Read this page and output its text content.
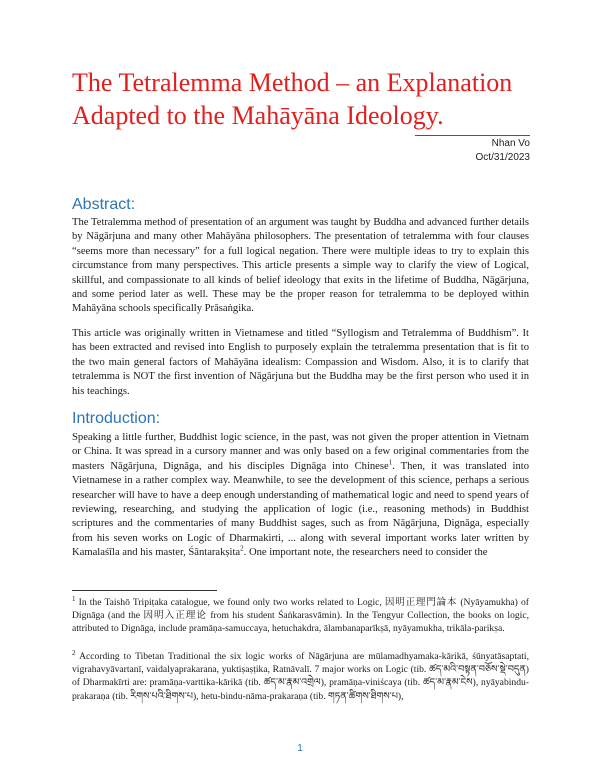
The Tetralemma Method – an Explanation Adapted to the Mahāyāna Ideology.
Nhan Vo
Oct/31/2023
Abstract:

The Tetralemma method of presentation of an argument was taught by Buddha and advanced further details by Nāgārjuna and many other Mahāyāna philosophers. The presentation of tetralemma with four clauses “seems more than necessary” for a full logical negation. There were multiple ideas to try to explain this circumstance from many perspectives. This article presents a simple way to clarify the view of Logical, skillful, and compassionate to all kinds of belief ideology that exits in the lifetime of Buddha, Nāgārjuna, and some period later as well. These may be the proper reason for tetralemma to be deployed within Mahāyāna schools specifically Prāsaṅgika.

This article was originally written in Vietnamese and titled “Syllogism and Tetralemma of Buddhism”. It has been extracted and revised into English to purposely explain the tetralemma presentation that is fit to the two main general factors of Mahāyāna idealism: Compassion and Wisdom. Also, it is to clarify that tetralemma is NOT the first invention of Nāgārjuna but the Buddha may be the first person who used it in his teachings.

Introduction:

Speaking a little further, Buddhist logic science, in the past, was not given the proper attention in Vietnam or China. It was spread in a cursory manner and was only based on a few original commentaries from the masters Nāgārjuna, Dignāga, and his disciples Dignāga into Chinese$^1$. Then, it was translated into Vietnamese in a rather complex way. Meanwhile, to see the development of this science, perhaps a serious researcher will have to have a deep enough understanding of mathematical logic and need to spend years of reviewing, researching, and studying the application of logic (i.e., reasoning methods) in Buddhist scriptures and the commentaries of many Buddhist sages, such as from Nāgārjuna, Dignāga, especially from his seven works on Logic of Dharmakirti, ... along with several important works later written by Kamalaśīla and his master, Śāntarakṣita$^2$. One important note, the researchers need to consider the

$^1$ In the Taishō Tripiṭaka catalogue, we found only two works related to Logic, 因明正理門論本 (Nyāyamukha) of Dignāga (and the 因明入正理论 from his student Śaṅkarasvāmin). In the Tengyur Collection, the books on logic, attributed to Dignāga, include pramāṇa-samuccaya, hetuchakdra, ālambanaparīkṣā, nyāyamukha, trikāla-parikṣa.

$^2$ According to Tibetan Traditional the six logic works of Nāgārjuna are mūlamadhyamaka-kārikā, śūnyatāsaptati, vigrahavyāvartanī, vaidalyaprakarana, yuktiṣaṣṭika, Ratnāvalī. 7 major works on Logic (tib. ཚད་མའི་བསྟན་བཅོས་སྡེ་བདུན) of Dharmakīrti are: pramāṇa-varttika-kārikā (tib. ཚད་མ་རྣམ་འགྲེལ), pramāṇa-viniścaya (tib. ཚད་མ་རྣམ་ངེས), nyāyabindu-prakaraṇa (tib. རིགས་པའི་ཐིགས་པ), hetu-bindu-nāma-prakaraṇa (tib. གཏན་ཚིགས་ཐིགས་པ),

1
